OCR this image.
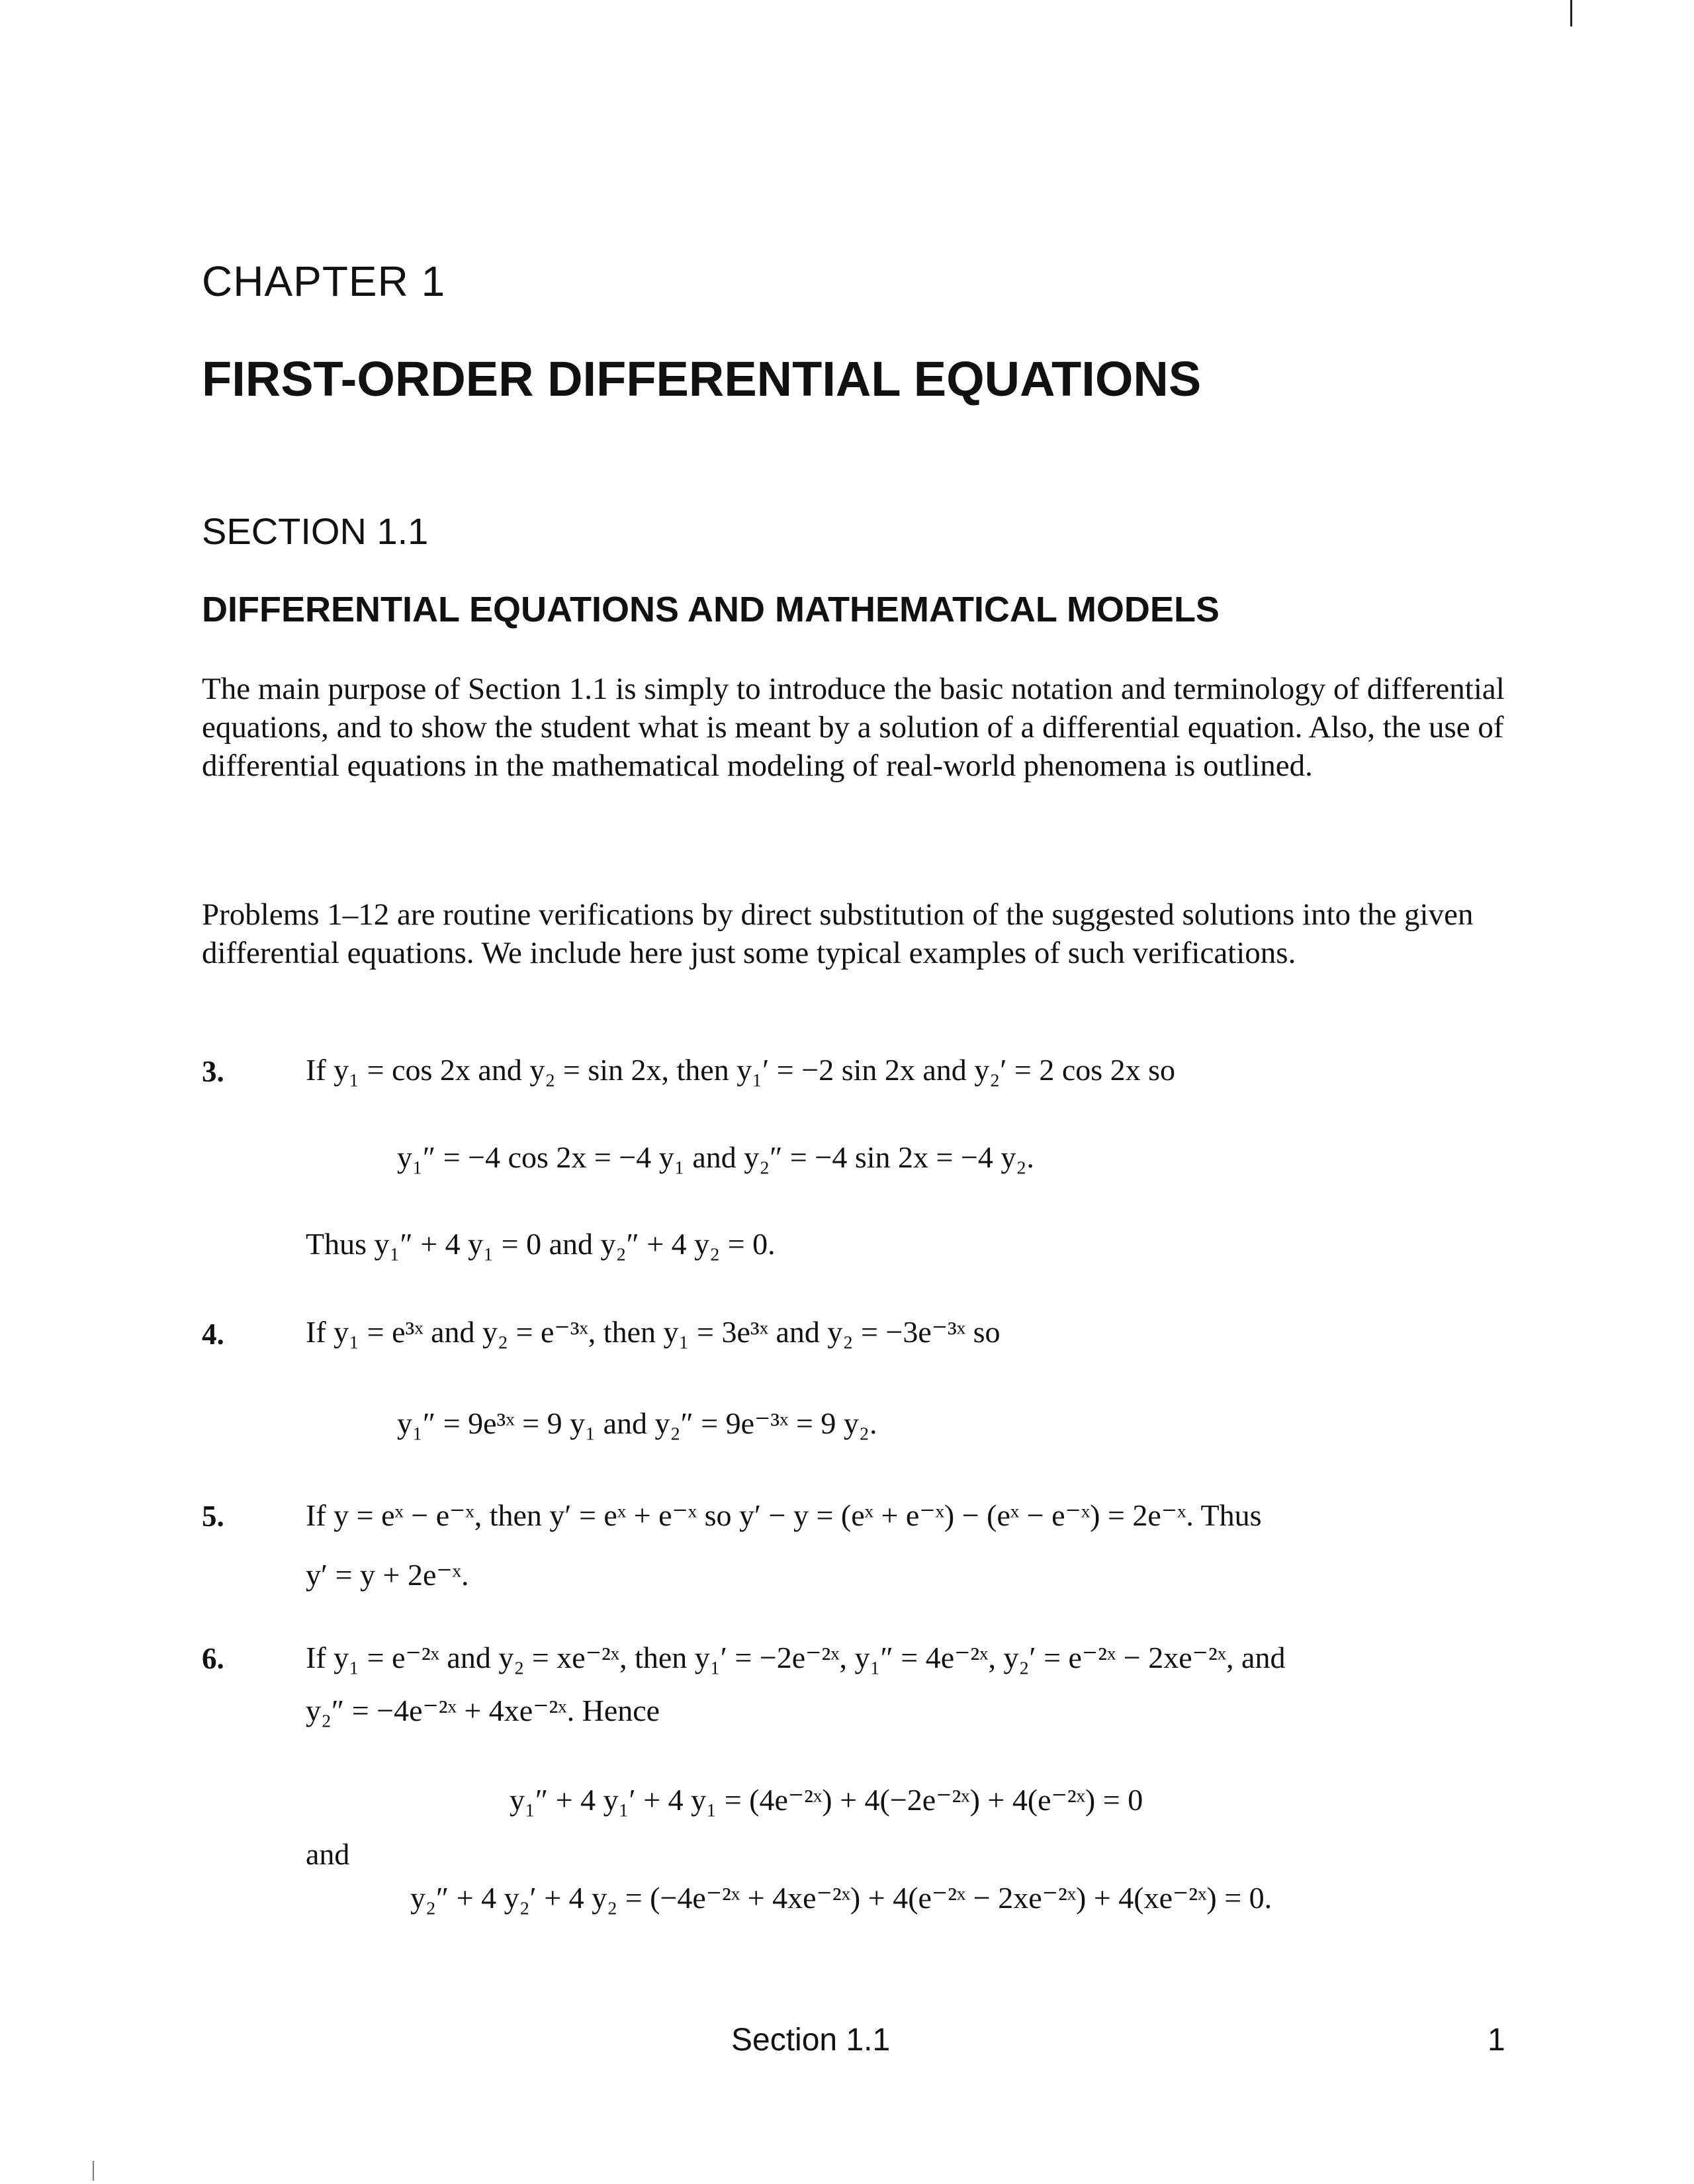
CHAPTER 1
FIRST-ORDER DIFFERENTIAL EQUATIONS
SECTION 1.1
DIFFERENTIAL EQUATIONS AND MATHEMATICAL MODELS
The main purpose of Section 1.1 is simply to introduce the basic notation and terminology of differential equations, and to show the student what is meant by a solution of a differential equation. Also, the use of differential equations in the mathematical modeling of real-world phenomena is outlined.
Problems 1–12 are routine verifications by direct substitution of the suggested solutions into the given differential equations. We include here just some typical examples of such verifications.
3.	If y₁ = cos 2x and y₂ = sin 2x, then y₁′ = −2 sin 2x and y₂′ = 2 cos 2x so
y₁″ = −4 cos 2x = −4 y₁ and y₂″ = −4 sin 2x = −4 y₂.
Thus y₁″ + 4 y₁ = 0 and y₂″ + 4 y₂ = 0.
4.	If y₁ = e³ˣ and y₂ = e⁻³ˣ, then y₁ = 3e³ˣ and y₂ = −3e⁻³ˣ so
y₁″ = 9e³ˣ = 9 y₁ and y₂″ = 9e⁻³ˣ = 9 y₂.
5.	If y = eˣ − e⁻ˣ, then y′ = eˣ + e⁻ˣ so y′ − y = (eˣ + e⁻ˣ) − (eˣ − e⁻ˣ) = 2e⁻ˣ. Thus
y′ = y + 2e⁻ˣ.
6.	If y₁ = e⁻²ˣ and y₂ = xe⁻²ˣ, then y₁′ = −2e⁻²ˣ, y₁″ = 4e⁻²ˣ, y₂′ = e⁻²ˣ − 2xe⁻²ˣ, and
y₂″ = −4e⁻²ˣ + 4xe⁻²ˣ. Hence
y₁″ + 4 y₁′ + 4 y₁ = (4e⁻²ˣ) + 4(−2e⁻²ˣ) + 4(e⁻²ˣ) = 0
and
y₂″ + 4 y₂′ + 4 y₂ = (−4e⁻²ˣ + 4xe⁻²ˣ) + 4(e⁻²ˣ − 2xe⁻²ˣ) + 4(xe⁻²ˣ) = 0.
Section 1.1	1
